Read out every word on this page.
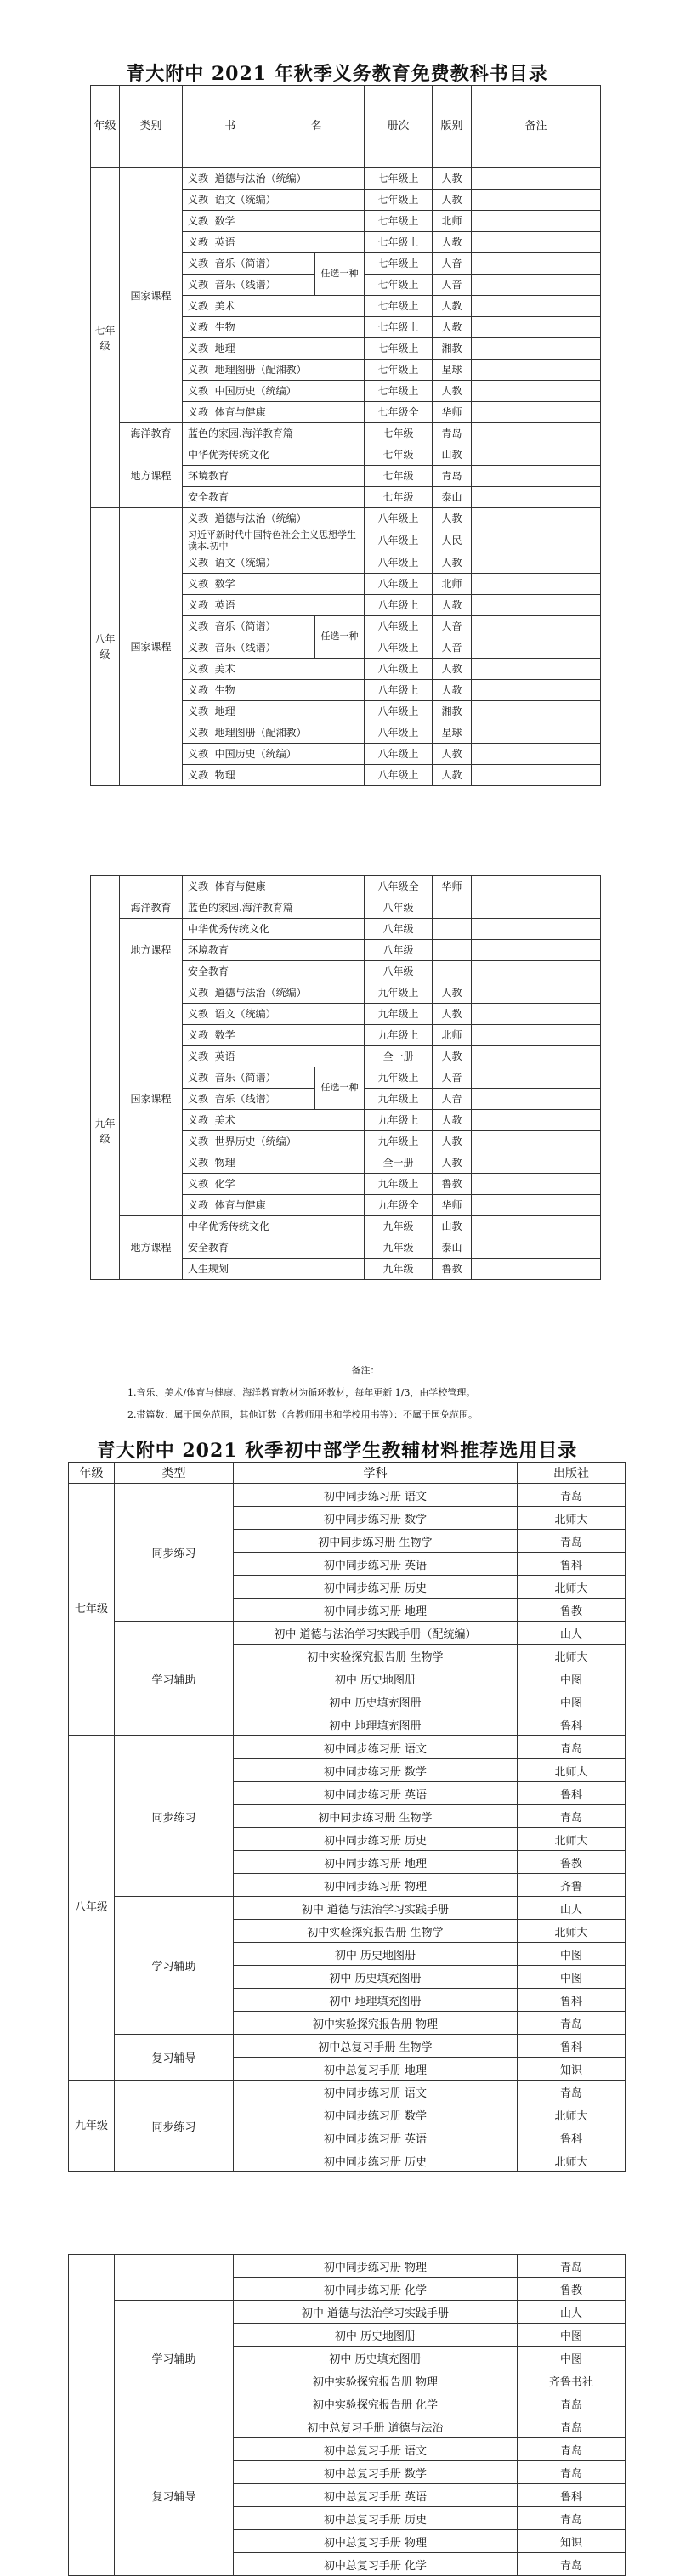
青大附中 2021 年秋季义务教育免费教科书目录
年级	类别	书 名		册次	版别	备注
七年级	国家课程	义教  道德与法治（统编）		七年级上	人教	
		义教  语文（统编）		七年级上	人教	
		义教  数学		七年级上	北师	
		义教  英语		七年级上	人教	
		义教  音乐（简谱）	任选一种	七年级上	人音	
		义教  音乐（线谱）		七年级上	人音	
		义教  美术		七年级上	人教	
		义教  生物		七年级上	人教	
		义教  地理		七年级上	湘教	
		义教  地理图册（配湘教）		七年级上	星球	
		义教  中国历史（统编）		七年级上	人教	
		义教  体育与健康		七年级全	华师	
	海洋教育	蓝色的家园.海洋教育篇		七年级	青岛	
	地方课程	中华优秀传统文化		七年级	山教	
		环境教育		七年级	青岛	
		安全教育		七年级	泰山	
八年级	国家课程	义教  道德与法治（统编）		八年级上	人教	
		习近平新时代中国特色社会主义思想学生读本.初中		八年级上	人民	
		义教  语文（统编）		八年级上	人教	
		义教  数学		八年级上	北师	
		义教  英语		八年级上	人教	
		义教  音乐（简谱）	任选一种	八年级上	人音	
		义教  音乐（线谱）		八年级上	人音	
		义教  美术		八年级上	人教	
		义教  生物		八年级上	人教	
		义教  地理		八年级上	湘教	
		义教  地理图册（配湘教）		八年级上	星球	
		义教  中国历史（统编）		八年级上	人教	
		义教  物理		八年级上	人教	
		义教  体育与健康		八年级全	华师	
	海洋教育	蓝色的家园.海洋教育篇		八年级		
	地方课程	中华优秀传统文化		八年级		
		环境教育		八年级		
		安全教育		八年级		
九年级	国家课程	义教  道德与法治（统编）		九年级上	人教	
		义教  语文（统编）		九年级上	人教	
		义教  数学		九年级上	北师	
		义教  英语		全一册	人教	
		义教  音乐（简谱）	任选一种	九年级上	人音	
		义教  音乐（线谱）		九年级上	人音	
		义教  美术		九年级上	人教	
		义教  世界历史（统编）		九年级上	人教	
		义教  物理		全一册	人教	
		义教  化学		九年级上	鲁教	
		义教  体育与健康		九年级全	华师	
	地方课程	中华优秀传统文化		九年级	山教	
		安全教育		九年级	泰山	
		人生规划		九年级	鲁教	
备注：
1.音乐、美术/体育与健康、海洋教育教材为循环教材，每年更新 1/3，由学校管理。
2.带篇数：属于国免范围，其他订数（含教师用书和学校用书等）：不属于国免范围。
青大附中 2021 秋季初中部学生教辅材料推荐选用目录
年级	类型	学科	出版社
七年级	同步练习	初中同步练习册 语文	青岛
		初中同步练习册 数学	北师大
		初中同步练习册 生物学	青岛
		初中同步练习册 英语	鲁科
		初中同步练习册 历史	北师大
		初中同步练习册 地理	鲁教
	学习辅助	初中 道德与法治学习实践手册（配统编）	山人
		初中实验探究报告册 生物学	北师大
		初中 历史地图册	中图
		初中 历史填充图册	中图
		初中 地理填充图册	鲁科
八年级	同步练习	初中同步练习册 语文	青岛
		初中同步练习册 数学	北师大
		初中同步练习册 英语	鲁科
		初中同步练习册 生物学	青岛
		初中同步练习册 历史	北师大
		初中同步练习册 地理	鲁教
		初中同步练习册 物理	齐鲁
	学习辅助	初中 道德与法治学习实践手册	山人
		初中实验探究报告册 生物学	北师大
		初中 历史地图册	中图
		初中 历史填充图册	中图
		初中 地理填充图册	鲁科
		初中实验探究报告册 物理	青岛
	复习辅导	初中总复习手册 生物学	鲁科
		初中总复习手册 地理	知识
九年级	同步练习	初中同步练习册 语文	青岛
		初中同步练习册 数学	北师大
		初中同步练习册 英语	鲁科
		初中同步练习册 历史	北师大
		初中同步练习册 物理	青岛
		初中同步练习册 化学	鲁教
	学习辅助	初中 道德与法治学习实践手册	山人
		初中 历史地图册	中图
		初中 历史填充图册	中图
		初中实验探究报告册 物理	齐鲁书社
		初中实验探究报告册 化学	青岛
	复习辅导	初中总复习手册 道德与法治	青岛
		初中总复习手册 语文	青岛
		初中总复习手册 数学	青岛
		初中总复习手册 英语	鲁科
		初中总复习手册 历史	青岛
		初中总复习手册 物理	知识
		初中总复习手册 化学	青岛
